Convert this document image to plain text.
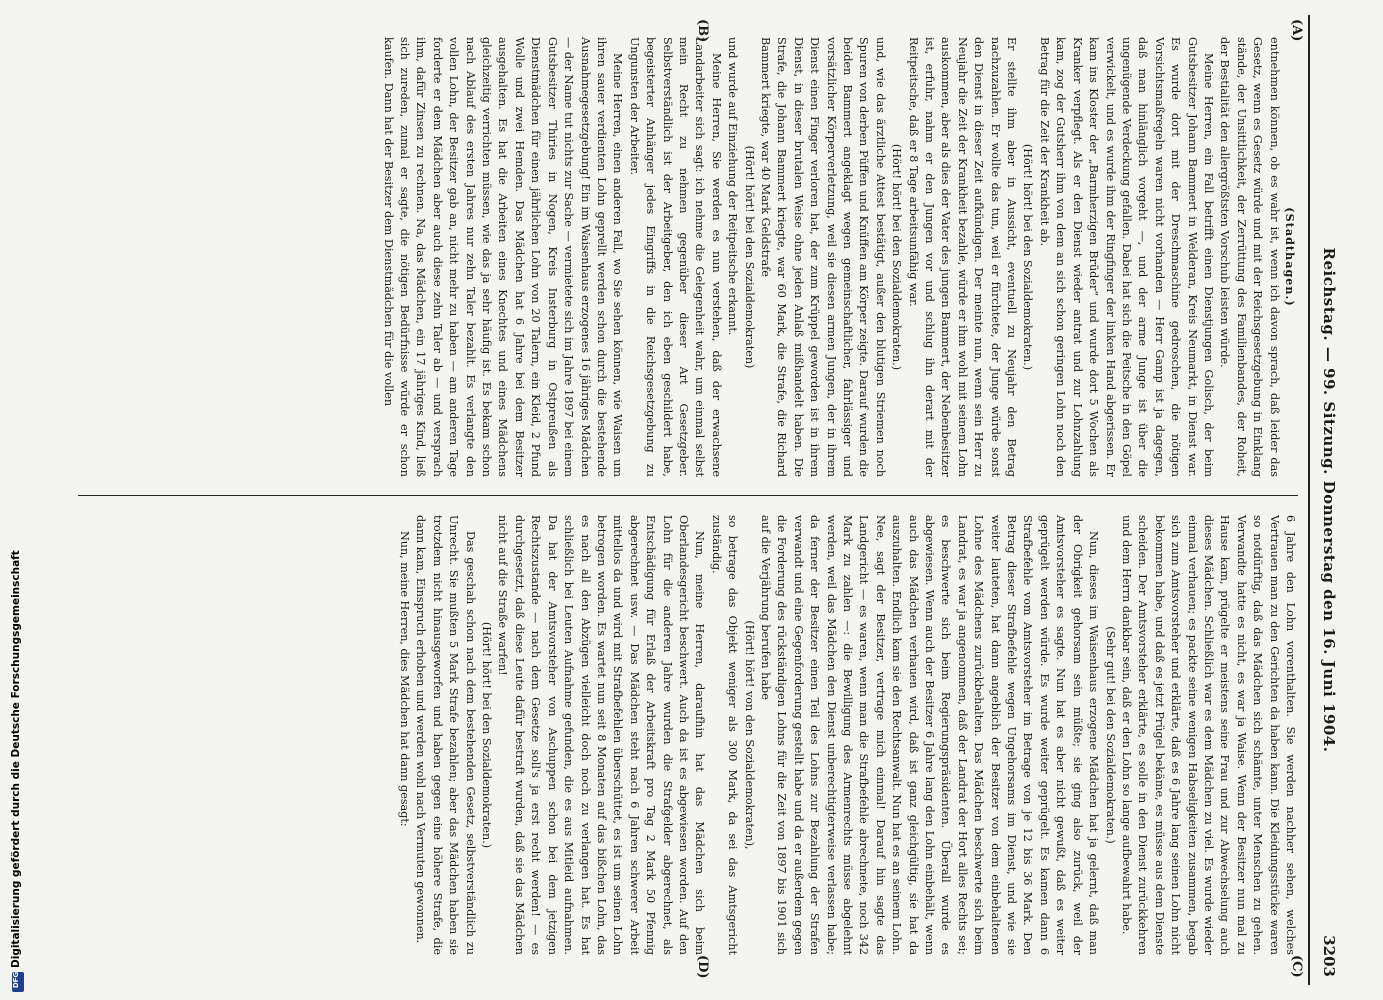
Digitalisierung gefördert durch die Deutsche Forschungsgemeinschaft
DFG
Reichstag. — 99. Sitzung. Donnerstag den 16. Juni 1904.
3203
(A)
(B)
(C)
(D)

(Stadthagen.)

entnehmen können, ob es wahr ist, wenn ich davon sprach, daß leider das Gesetz, wenn es Gesetz würde und mit der Reichsgesetzgebung in Einklang stände, der Unsittlichkeit, der Zerrüttung des Familienbandes, der Roheit, der Bestialität den allergrößtsten Vorschub leisten würde.

Meine Herren, ein Fall betrifft einen Dienstjungen Golisch, der beim Gutsbesitzer Johann Bammert in Welderan, Kreis Neumarkt, in Dienst war. Es wurde dort mit der Dreschmaschine gedroschen, die nötigen Vorsichtsmaßregeln waren nicht vorhanden — Herr Gamp ist ja dagegen, daß man hinlänglich vorgeht —, und der arme Junge ist über die ungenügende Verdeckung gefallen. Dabei hat sich die Peitsche in den Göpel verwickelt, und es wurde ihm der Ringfinger der linken Hand abgerissen. Er kam ins Kloster der „Barmherzigen Brüder“ und wurde dort 5 Wochen als Kranker verpflegt. Als er den Dienst wieder antrat und zur Lohnzahlung kam, zog der Gutsherr ihm von dem an sich schon geringen Lohn noch den Betrag für die Zeit der Krankheit ab.

(Hört! hört! bei den Sozialdemokraten.)

Er stellte ihm aber in Aussicht, eventuell zu Neujahr den Betrag nachzuzahlen. Er wollte das tun, weil er fürchtete, der Junge würde sonst den Dienst in dieser Zeit aufkündigen. Der meinte nun, wenn sein Herr zu Neujahr die Zeit der Krankheit bezahle, würde er ihm wohl mit seinem Lohn auskommen, aber als dies der Vater des jungen Bammert, der Nebenbesitzer ist, erfuhr, nahm er den Jungen vor und schlug ihn derart mit der Reitpeitsche, daß er 8 Tage arbeitsunfähig war.

(Hört! hört! bei den Sozialdemokraten.)

und, wie das ärztliche Attest bestätigt, außer den blutigen Striemen noch Spuren von derben Püffen und Knüffen am Körper zeigte. Darauf wurden die beiden Bammert angeklagt wegen gemeinschaftlicher, fahrlässiger und vorsätzlicher Körperverletzung, weil sie diesen armen Jungen, der in ihrem Dienst einen Finger verloren hat, der zum Krüppel geworden ist in ihrem Dienst, in dieser brutalen Weise ohne jeden Anlaß mißhandelt haben. Die Strafe, die Johann Bammert kriegte, war 60 Mark, die Strafe, die Richard Bammert kriegte, war 40 Mark Geldstrafe

(Hört! hört! bei den Sozialdemokraten)

und wurde auf Einziehung der Reitpeitsche erkannt.

Meine Herren, Sie werden es nun verstehen, daß der erwachsene Landarbeiter sich sagt: ich nehme die Gelegenheit wahr, um einmal selbst mein Recht zu nehmen gegenüber dieser Art Gesetzgeber. Selbstverständlich ist der Arbeitgeber, den ich eben geschildert habe, begeisterter Anhänger jedes Eingriffs in die Reichsgesetzgebung zu Ungunsten der Arbeiter.

Meine Herren, einen anderen Fall, wo Sie sehen können, wie Waisen um ihren sauer verdienten Lohn geprellt werden schon durch die bestehende Ausnahmegesetzgebung! Ein im Waisenhaus erzogenes 16 jähriges Mädchen — der Name tut nichts zur Sache — vermietete sich im Jahre 1897 bei einem Gutsbesitzer Thiries in Nogen, Kreis Insterburg in Ostpreußen als Dienstmädchen für einen jährlichen Lohn von 20 Talern, ein Kleid, 2 Pfund Wolle und zwei Hemden. Das Mädchen hat 6 Jahre bei dem Besitzer ausgehalten. Es hat die Arbeiten eines Knechtes und eines Mädchens gleichzeitig verrichten müssen, wie das ja sehr häufig ist. Es bekam schon nach Ablauf des ersten Jahres nur zehn Taler bezahlt. Es verlangte den vollen Lohn, der Besitzer gab an, nicht mehr zu haben — am anderen Tage forderte er dem Mädchen aber auch diese zehn Taler ab — und versprach ihm, dafür Zinsen zu rechnen. Na, das Mädchen, ein 17 jähriges Kind, ließ sich zureden, zumal er sagte, die nötigen Bedürfnisse würde er schon kaufen. Dann hat der Besitzer dem Dienstmädchen für die vollen

6 Jahre den Lohn vorenthalten. Sie werden nachher sehen, welches Vertrauen man zu den Gerichten da haben kann. Die Kleidungsstücke waren so notdürftig, daß das Mädchen sich schämte, unter Menschen zu gehen. Verwandte hatte es nicht, es war ja Waise. Wenn der Besitzer nun mal zu Hause kam, prügelte er meistens seine Frau und zur Abwechselung auch dieses Mädchen. Schließlich war es dem Mädchen zu viel. Es wurde wieder einmal verhauen; es packte seine wenigen Habseligkeiten zusammen, begab sich zum Amtsvorsteher und erklärte, daß es 6 Jahre lang seinen Lohn nicht bekommen habe, und daß es jetzt Prügel bekäme, es müsse aus dem Dienste scheiden. Der Amtsvorsteher erklärte, es solle in den Dienst zurückkehren und dem Herrn dankbar sein, daß er den Lohn so lange aufbewahrt habe.

(Sehr gut! bei den Sozialdemokraten.)

Nun, dieses im Waisenhaus erzogene Mädchen hat ja gelernt, daß man der Obrigkeit gehorsam sein müßte; sie ging also zurück, weil der Amtsvorsteher es sagte. Nun hat es aber nicht gewußt, daß es weiter geprügelt werden würde. Es wurde weiter geprügelt. Es kamen dann 6 Strafbefehle vom Amtsvorsteher im Betrage von je 12 bis 36 Mark. Den Betrag dieser Strafbefehle wegen Ungehorsams im Dienst, und wie sie weiter lauteten, hat dann angeblich der Besitzer von dem einbehaltenen Lohne des Mädchens zurückbehalten. Das Mädchen beschwerte sich beim Landrat, es war ja angenommen, daß der Landrat der Hort alles Rechts sei; es beschwerte sich beim Regierungspräsidenten. Überall wurde es abgewiesen. Wenn auch der Besitzer 6 Jahre lang den Lohn einbehält, wenn auch das Mädchen verhauen wird, daß ist ganz gleichgültig, sie hat da auszuhalten. Endlich kam sie den Rechtsanwalt. Nun hat es an seinem Lohn. Nee, sagt der Besitzer, vertrage mich einmal! Darauf hin sagte das Landgericht — es waren, wenn man die Strafbefehle abrechnete, noch 342 Mark zu zahlen —: die Bewilligung des Armenrechts müsse abgelehnt werden, weil das Mädchen den Dienst unberechtigterweise verlassen habe; da ferner der Besitzer einen Teil des Lohns zur Bezahlung der Strafen verwandt und eine Gegenforderung gestellt habe und da er außerdem gegen die Forderung des rückständigen Lohns für die Zeit von 1897 bis 1901 sich auf die Verjährung berufen habe

(Hört! hört! von den Sozialdemokraten),

so betrage das Objekt weniger als 300 Mark, da sei das Amtsgericht zuständig.

Nun, meine Herren, daraufhin hat das Mädchen sich beim Oberlandesgericht beschwert. Auch da ist es abgewiesen worden. Auf den Lohn für die anderen Jahre wurden die Strafgelder abgerechnet, als Entschädigung für Erlaß der Arbeitskraft pro Tag 2 Mark 50 Pfennig abgerechnet usw. — Das Mädchen steht nach 6 Jahren schwerer Arbeit mittellos da und wird mit Strafbefehlen überschüttet, es ist um seinen Lohn betrogen worden. Es wartet nun seit 8 Monaten auf das bißchen Lohn, das es nach all den Abzügen vielleicht doch noch zu verlangen hat. Es hat schließlich bei Leuten Aufnahme gefunden, die es aus Mitleid aufnahmen. Da hat der Amtsvorsteher von Aschuppen schon bei dem jetzigen Rechtszustande — nach dem Gesetze soll's ja erst recht werden! — es durchgesetzt, daß diese Leute dafür bestraft wurden, daß sie das Mädchen nicht auf die Straße warfen!

(Hört! hört! bei den Sozialdemokraten.)

Das geschah schon nach dem bestehenden Gesetz, selbstverständlich zu Unrecht. Sie mußten 5 Mark Strafe bezahlen; aber das Mädchen haben sie trotzdem nicht hinausgeworfen und haben gegen eine höhere Strafe, die dann kam, Einspruch erhoben und werden wohl nach Vermuten gewonnen.

Nun, meine Herren, dies Mädchen hat dann gesagt:
